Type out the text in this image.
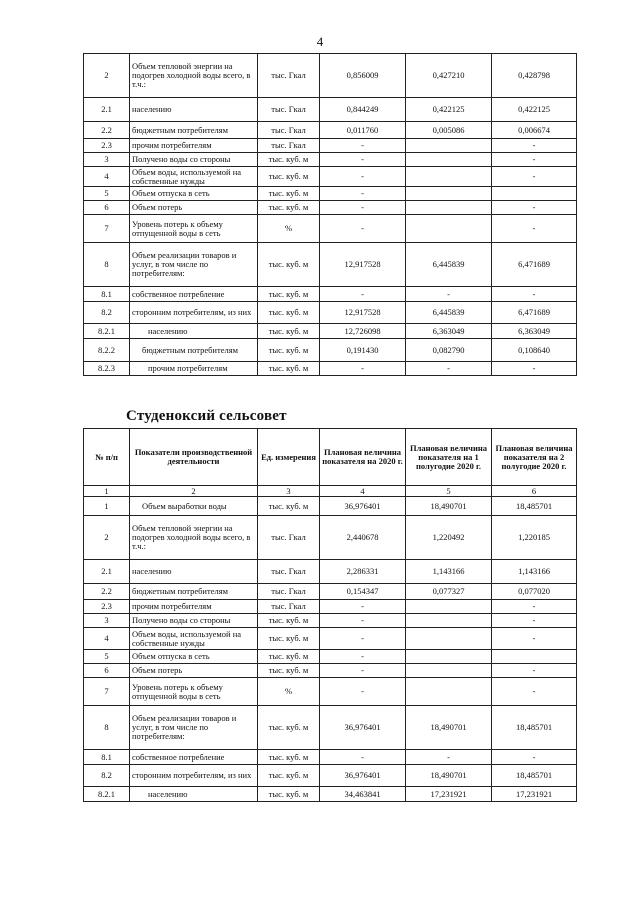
4
2	Объем тепловой энергии на подогрев холодной воды всего, в т.ч.:	тыс. Гкал	0,856009	0,427210	0,428798
2.1	населению	тыс. Гкал	0,844249	0,422125	0,422125
2.2	бюджетным потребителям	тыс. Гкал	0,011760	0,005086	0,006674
2.3	прочим потребителям	тыс. Гкал	-		-
3	Получено воды со стороны	тыс. куб. м	-		-
4	Объем воды, используемой на собственные нужды	тыс. куб. м	-		-
5	Объем отпуска в сеть	тыс. куб. м	-		
6	Объем потерь	тыс. куб. м	-		-
7	Уровень потерь к объему отпущенной воды в сеть	%	-		-
8	Объем реализации товаров и услуг, в том числе по потребителям:	тыс. куб. м	12,917528	6,445839	6,471689
8.1	собственное потребление	тыс. куб. м	-	-	-
8.2	сторонним потребителям, из них	тыс. куб. м	12,917528	6,445839	6,471689
8.2.1	населению	тыс. куб. м	12,726098	6,363049	6,363049
8.2.2	бюджетным потребителям	тыс. куб. м	0,191430	0,082790	0,108640
8.2.3	прочим потребителям	тыс. куб. м	-	-	-
Студеноксий сельсовет
№ п/п	Показатели производственной деятельности	Ед. измерения	Плановая величина показателя на 2020 г.	Плановая величина показателя на 1 полугодие 2020 г.	Плановая величина показателя на 2 полугодие 2020 г.
1	2	3	4	5	6
1	Объем выработки воды	тыс. куб. м	36,976401	18,490701	18,485701
2	Объем тепловой энергии на подогрев холодной воды всего, в т.ч.:	тыс. Гкал	2,440678	1,220492	1,220185
2.1	населению	тыс. Гкал	2,286331	1,143166	1,143166
2.2	бюджетным потребителям	тыс. Гкал	0,154347	0,077327	0,077020
2.3	прочим потребителям	тыс. Гкал	-		-
3	Получено воды со стороны	тыс. куб. м	-		-
4	Объем воды, используемой на собственные нужды	тыс. куб. м	-		-
5	Объем отпуска в сеть	тыс. куб. м	-		
6	Объем потерь	тыс. куб. м	-		-
7	Уровень потерь к объему отпущенной воды в сеть	%	-		-
8	Объем реализации товаров и услуг, в том числе по потребителям:	тыс. куб. м	36,976401	18,490701	18,485701
8.1	собственное потребление	тыс. куб. м	-	-	-
8.2	сторонним потребителям, из них	тыс. куб. м	36,976401	18,490701	18,485701
8.2.1	населению	тыс. куб. м	34,463841	17,231921	17,231921
